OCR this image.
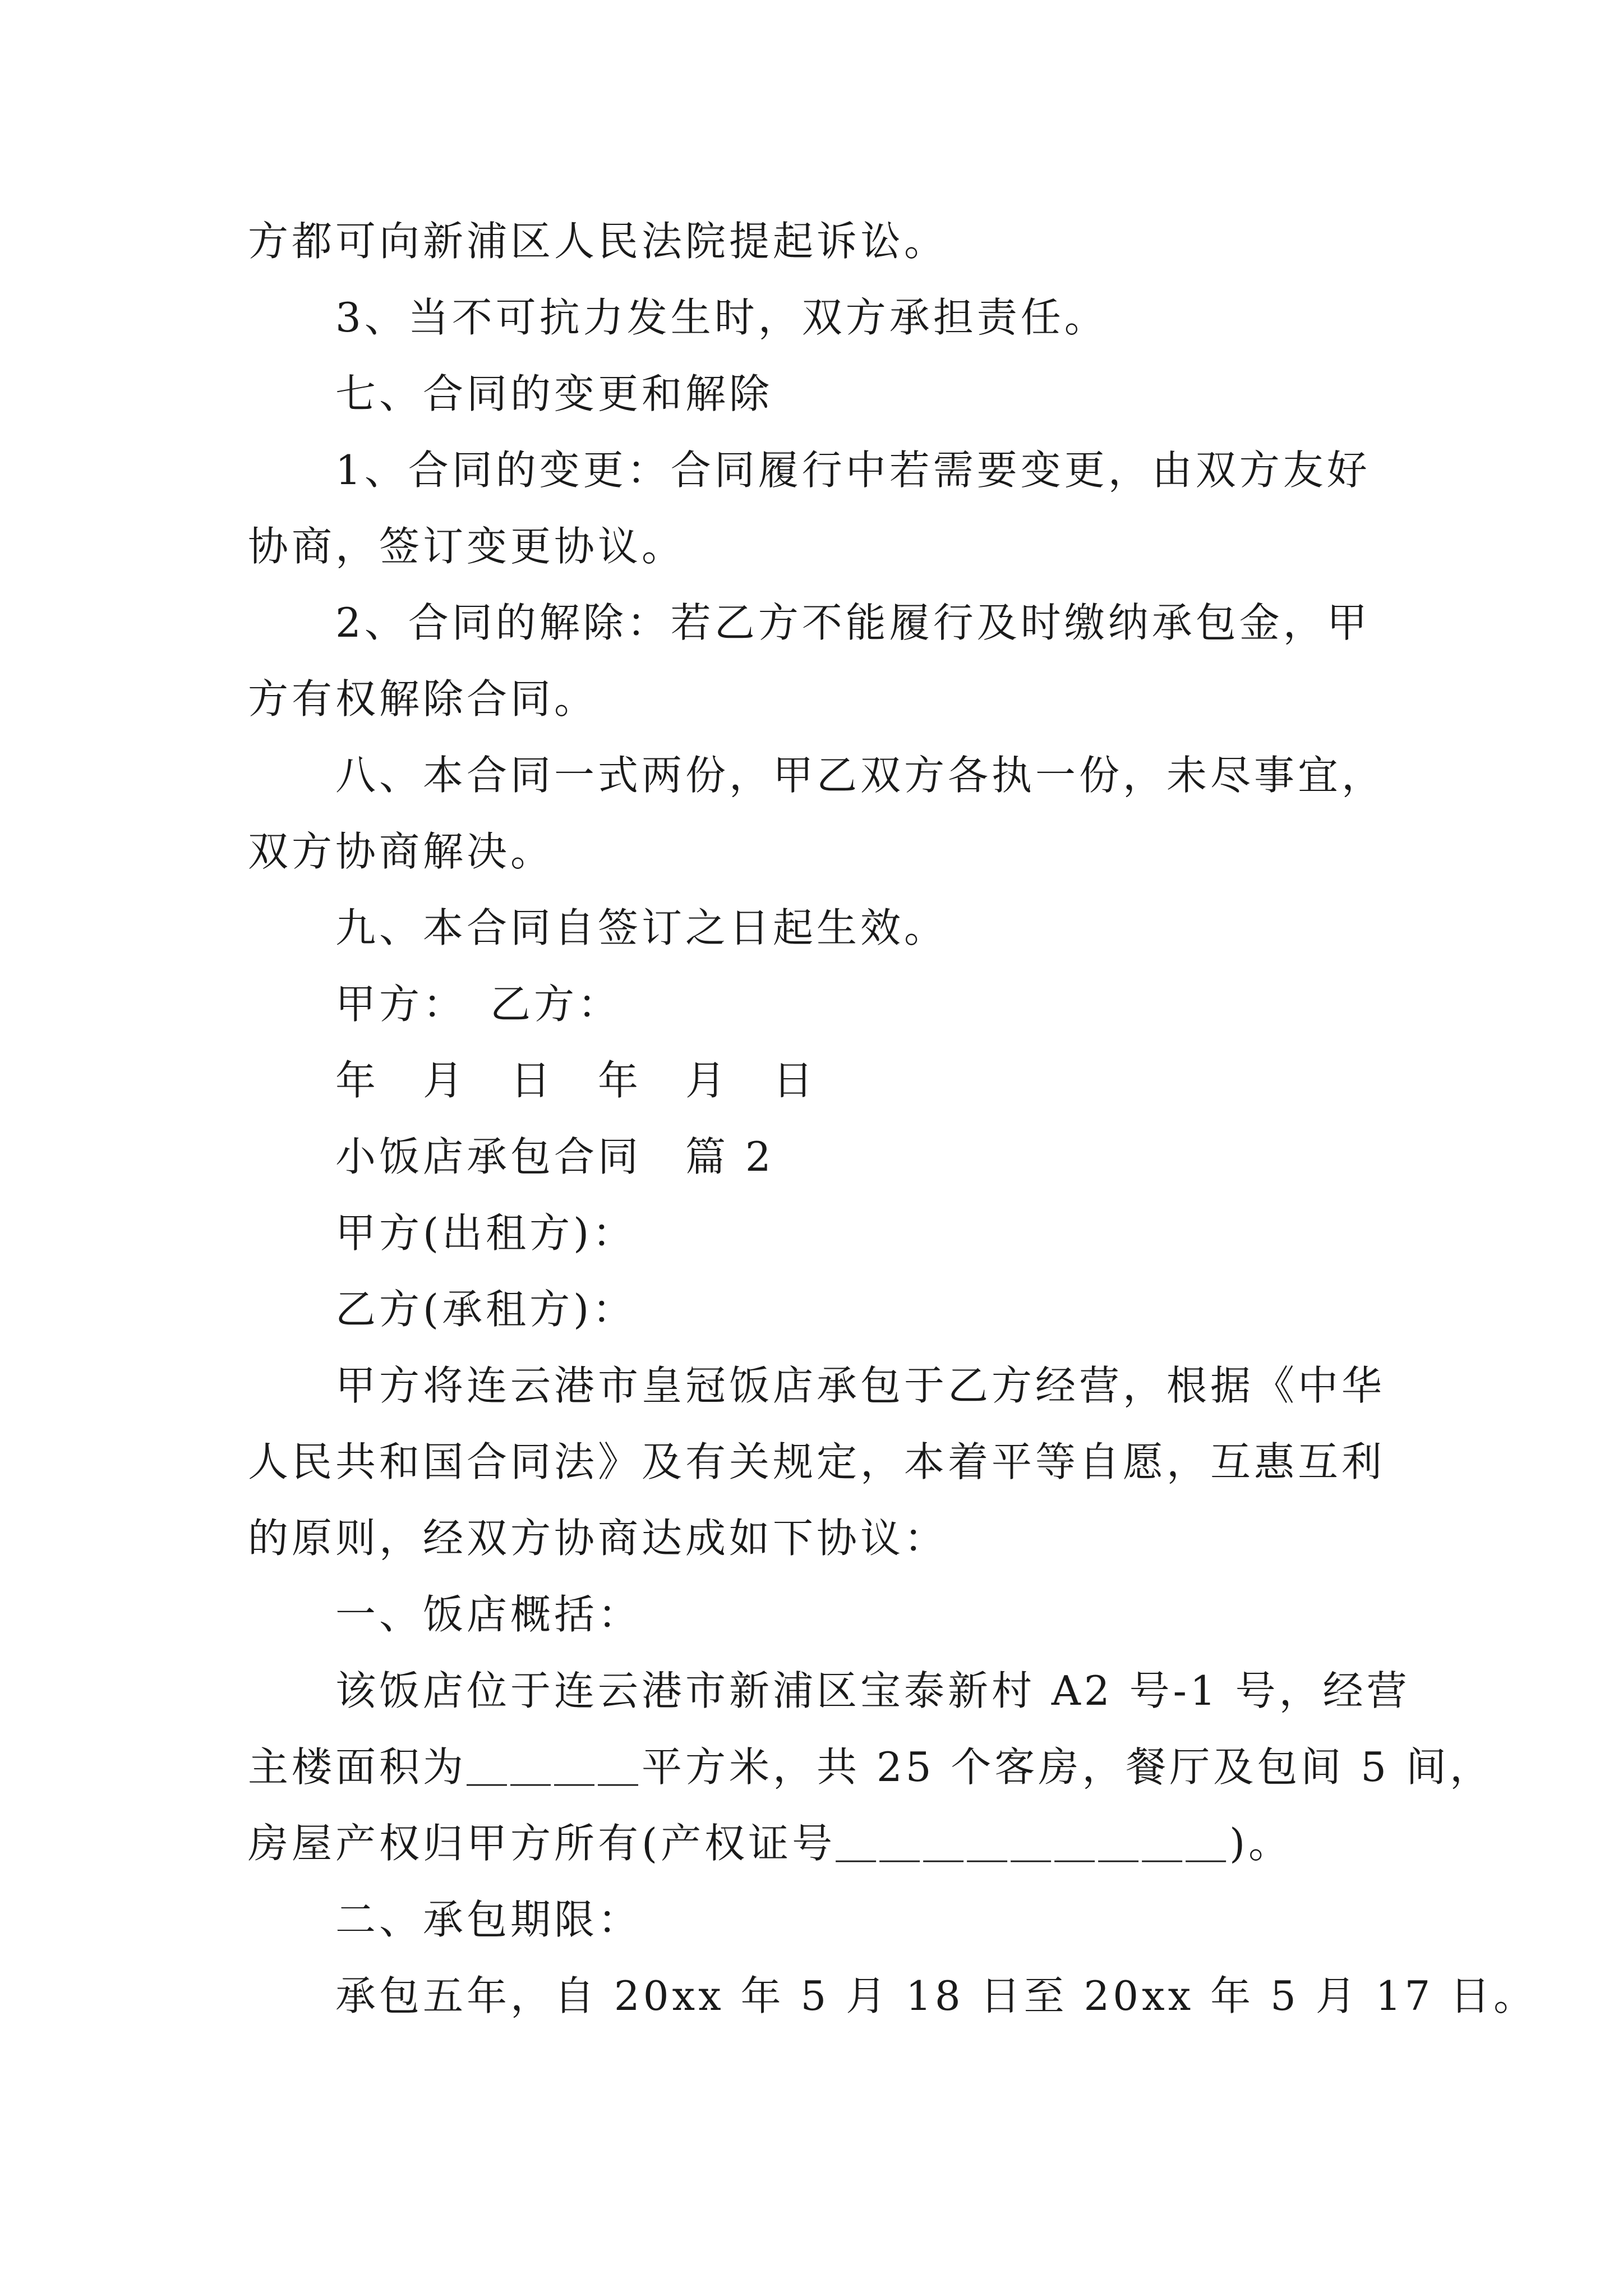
方都可向新浦区人民法院提起诉讼。
3、当不可抗力发生时，双方承担责任。
七、合同的变更和解除
1、合同的变更：合同履行中若需要变更，由双方友好
协商，签订变更协议。
2、合同的解除：若乙方不能履行及时缴纳承包金，甲
方有权解除合同。
八、本合同一式两份，甲乙双方各执一份，未尽事宜，
双方协商解决。
九、本合同自签订之日起生效。
甲方：　乙方：
年　月　日　年　月　日
小饭店承包合同　篇 2
甲方(出租方)：
乙方(承租方)：
甲方将连云港市皇冠饭店承包于乙方经营，根据《中华
人民共和国合同法》及有关规定，本着平等自愿，互惠互利
的原则，经双方协商达成如下协议：
一、饭店概括：
该饭店位于连云港市新浦区宝泰新村 A2 号-1 号，经营
主楼面积为＿＿＿＿平方米，共 25 个客房，餐厅及包间 5 间，
房屋产权归甲方所有(产权证号＿＿＿＿＿＿＿＿＿)。
二、承包期限：
承包五年，自 20xx 年 5 月 18 日至 20xx 年 5 月 17 日。
